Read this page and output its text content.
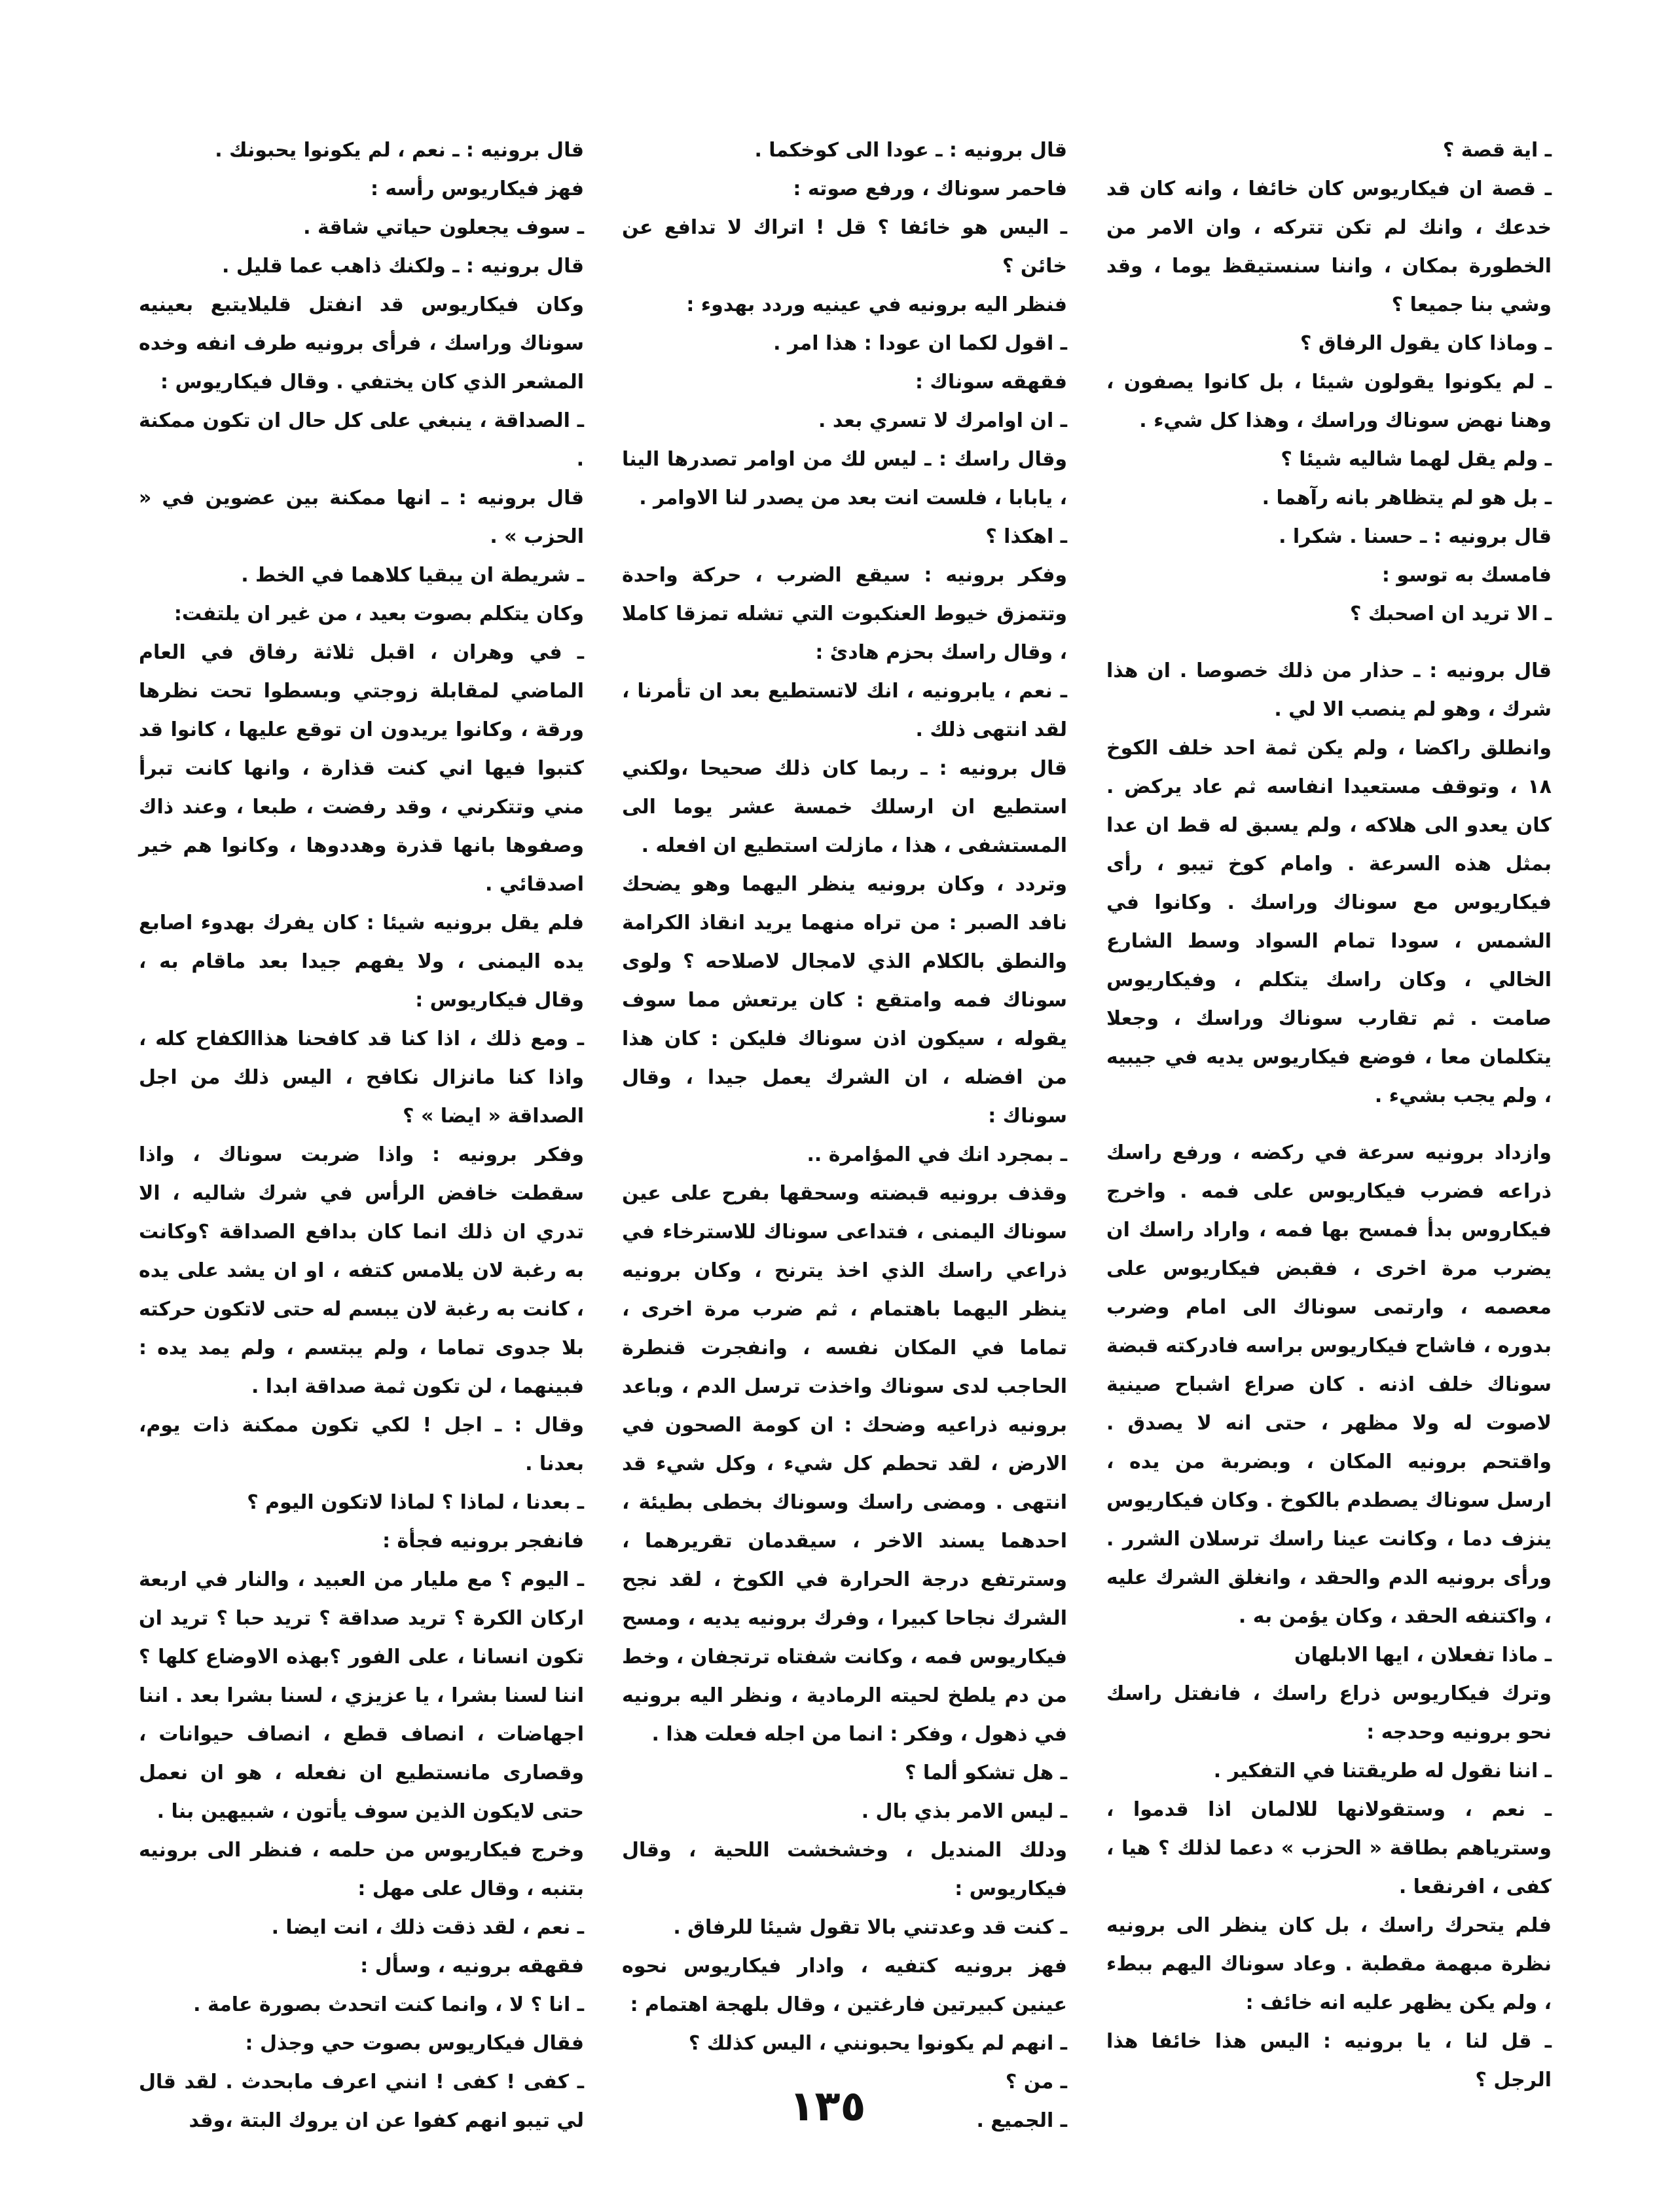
ـ اية قصة ؟

ـ قصة ان فيكاريوس كان خائفا ، وانه كان قد خدعك ، وانك لم تكن تتركه ، وان الامر من الخطورة بمكان ، واننا سنستيقظ يوما ، وقد وشي بنا جميعا ؟

ـ وماذا كان يقول الرفاق ؟

ـ لم يكونوا يقولون شيئا ، بل كانوا يصفون ، وهنا نهض سوناك وراسك ، وهذا كل شيء .

ـ ولم يقل لهما شاليه شيئا ؟

ـ بل هو لم يتظاهر بانه رآهما .

قال برونيه : ـ حسنا . شكرا .

فامسك به توسو :

ـ الا تريد ان اصحبك ؟

قال برونيه : ـ حذار من ذلك خصوصا . ان هذا شرك ، وهو لم ينصب الا لي .

وانطلق راكضا ، ولم يكن ثمة احد خلف الكوخ ١٨ ، وتوقف مستعيدا انفاسه ثم عاد يركض . كان يعدو الى هلاكه ، ولم يسبق له قط ان عدا بمثل هذه السرعة . وامام كوخ تيبو ، رأى فيكاريوس مع سوناك وراسك . وكانوا في الشمس ، سودا تمام السواد وسط الشارع الخالي ، وكان راسك يتكلم ، وفيكاريوس صامت . ثم تقارب سوناك وراسك ، وجعلا يتكلمان معا ، فوضع فيكاريوس يديه في جيبيه ، ولم يجب بشيء .

وازداد برونيه سرعة في ركضه ، ورفع راسك ذراعه فضرب فيكاريوس على فمه . واخرج فيكاروس بدأ فمسح بها فمه ، واراد راسك ان يضرب مرة اخرى ، فقبض فيكاريوس على معصمه ، وارتمى سوناك الى امام وضرب بدوره ، فاشاح فيكاريوس براسه فادركته قبضة سوناك خلف اذنه . كان صراع اشباح صينية لاصوت له ولا مظهر ، حتى انه لا يصدق . واقتحم برونيه المكان ، وبضربة من يده ، ارسل سوناك يصطدم بالكوخ . وكان فيكاريوس ينزف دما ، وكانت عينا راسك ترسلان الشرر . ورأى برونيه الدم والحقد ، وانغلق الشرك عليه ، واكتنفه الحقد ، وكان يؤمن به .

ـ ماذا تفعلان ، ايها الابلهان

وترك فيكاريوس ذراع راسك ، فانفتل راسك نحو برونيه وحدجه :

ـ اننا نقول له طريقتنا في التفكير .

ـ نعم ، وستقولانها للالمان اذا قدموا ، وسترياهم بطاقة « الحزب » دعما لذلك ؟ هيا ، كفى ، افرنقعا .

فلم يتحرك راسك ، بل كان ينظر الى برونيه نظرة مبهمة مقطبة . وعاد سوناك اليهم ببطء ، ولم يكن يظهر عليه انه خائف :

ـ قل لنا ، يا برونيه : اليس هذا خائفا هذا الرجل ؟

قال برونيه : ـ عودا الى كوخكما .

فاحمر سوناك ، ورفع صوته :

ـ اليس هو خائفا ؟ قل ! اتراك لا تدافع عن خائن ؟

فنظر اليه برونيه في عينيه وردد بهدوء :

ـ اقول لكما ان عودا : هذا امر .

فقهقه سوناك :

ـ ان اوامرك لا تسري بعد .

وقال راسك : ـ ليس لك من اوامر تصدرها الينا ، يابابا ، فلست انت بعد من يصدر لنا الاوامر .

ـ اهكذا ؟

وفكر برونيه : سيقع الضرب ، حركة واحدة وتتمزق خيوط العنكبوت التي تشله تمزقا كاملا ، وقال راسك بحزم هادئ :

ـ نعم ، يابرونيه ، انك لاتستطيع بعد ان تأمرنا ، لقد انتهى ذلك .

قال برونيه : ـ ربما كان ذلك صحيحا ،ولكني استطيع ان ارسلك خمسة عشر يوما الى المستشفى ، هذا ، مازلت استطيع ان افعله .

وتردد ، وكان برونيه ينظر اليهما وهو يضحك نافد الصبر : من تراه منهما يريد انقاذ الكرامة والنطق بالكلام الذي لامجال لاصلاحه ؟ ولوى سوناك فمه وامتقع : كان يرتعش مما سوف يقوله ، سيكون اذن سوناك فليكن : كان هذا من افضله ، ان الشرك يعمل جيدا ، وقال سوناك :

ـ بمجرد انك في المؤامرة ..

وقذف برونيه قبضته وسحقها بفرح على عين سوناك اليمنى ، فتداعى سوناك للاسترخاء في ذراعي راسك الذي اخذ يترنح ، وكان برونيه ينظر اليهما باهتمام ، ثم ضرب مرة اخرى ، تماما في المكان نفسه ، وانفجرت قنطرة الحاجب لدى سوناك واخذت ترسل الدم ، وباعد برونيه ذراعيه وضحك : ان كومة الصحون في الارض ، لقد تحطم كل شيء ، وكل شيء قد انتهى . ومضى راسك وسوناك بخطى بطيئة ، احدهما يسند الاخر ، سيقدمان تقريرهما ، وسترتفع درجة الحرارة في الكوخ ، لقد نجح الشرك نجاحا كبيرا ، وفرك برونيه يديه ، ومسح فيكاريوس فمه ، وكانت شفتاه ترتجفان ، وخط من دم يلطخ لحيته الرمادية ، ونظر اليه برونيه في ذهول ، وفكر : انما من اجله فعلت هذا .

ـ هل تشكو ألما ؟

ـ ليس الامر بذي بال .

ودلك المنديل ، وخشخشت اللحية ، وقال فيكاريوس :

ـ كنت قد وعدتني بالا تقول شيئا للرفاق .

فهز برونيه كتفيه ، وادار فيكاريوس نحوه عينين كبيرتين فارغتين ، وقال بلهجة اهتمام :

ـ انهم لم يكونوا يحبونني ، اليس كذلك ؟

ـ من ؟

ـ الجميع .

قال برونيه : ـ نعم ، لم يكونوا يحبونك .

فهز فيكاريوس رأسه :

ـ سوف يجعلون حياتي شاقة .

قال برونيه : ـ ولكنك ذاهب عما قليل .

وكان فيكاريوس قد انفتل قليلايتبع بعينيه سوناك وراسك ، فرأى برونيه طرف انفه وخده المشعر الذي كان يختفي . وقال فيكاريوس :

ـ الصداقة ، ينبغي على كل حال ان تكون ممكنة .

قال برونيه : ـ انها ممكنة بين عضوين في « الحزب » .

ـ شريطة ان يبقيا كلاهما في الخط .

وكان يتكلم بصوت بعيد ، من غير ان يلتفت:

ـ في وهران ، اقبل ثلاثة رفاق في العام الماضي لمقابلة زوجتي وبسطوا تحت نظرها ورقة ، وكانوا يريدون ان توقع عليها ، كانوا قد كتبوا فيها اني كنت قذارة ، وانها كانت تبرأ مني وتتكرني ، وقد رفضت ، طبعا ، وعند ذاك وصفوها بانها قذرة وهددوها ، وكانوا هم خير اصدقائي .

فلم يقل برونيه شيئا : كان يفرك بهدوء اصابع يده اليمنى ، ولا يفهم جيدا بعد ماقام به ، وقال فيكاريوس :

ـ ومع ذلك ، اذا كنا قد كافحنا هذاالكفاح كله ، واذا كنا مانزال نكافح ، اليس ذلك من اجل الصداقة « ايضا » ؟

وفكر برونيه : واذا ضربت سوناك ، واذا سقطت خافض الرأس في شرك شاليه ، الا تدري ان ذلك انما كان بدافع الصداقة ؟وكانت به رغبة لان يلامس كتفه ، او ان يشد على يده ، كانت به رغبة لان يبسم له حتى لاتكون حركته بلا جدوى تماما ، ولم يبتسم ، ولم يمد يده : فبينهما ، لن تكون ثمة صداقة ابدا .

وقال : ـ اجل ! لكي تكون ممكنة ذات يوم، بعدنا .

ـ بعدنا ، لماذا ؟ لماذا لاتكون اليوم ؟

فانفجر برونيه فجأة :

ـ اليوم ؟ مع مليار من العبيد ، والنار في اربعة اركان الكرة ؟ تريد صداقة ؟ تريد حبا ؟ تريد ان تكون انسانا ، على الفور ؟بهذه الاوضاع كلها ؟ اننا لسنا بشرا ، يا عزيزي ، لسنا بشرا بعد . اننا اجهاضات ، انصاف قطع ، انصاف حيوانات ، وقصارى مانستطيع ان نفعله ، هو ان نعمل حتى لايكون الذين سوف يأتون ، شبيهين بنا .

وخرج فيكاريوس من حلمه ، فنظر الى برونيه بتنبه ، وقال على مهل :

ـ نعم ، لقد ذقت ذلك ، انت ايضا .

فقهقه برونيه ، وسأل :

ـ انا ؟ لا ، وانما كنت اتحدث بصورة عامة .

فقال فيكاريوس بصوت حي وجذل :

ـ كفى ! كفى ! انني اعرف مابحدث . لقد قال لي تيبو انهم كفوا عن ان يروك البتة ،وقد	١٣٥
